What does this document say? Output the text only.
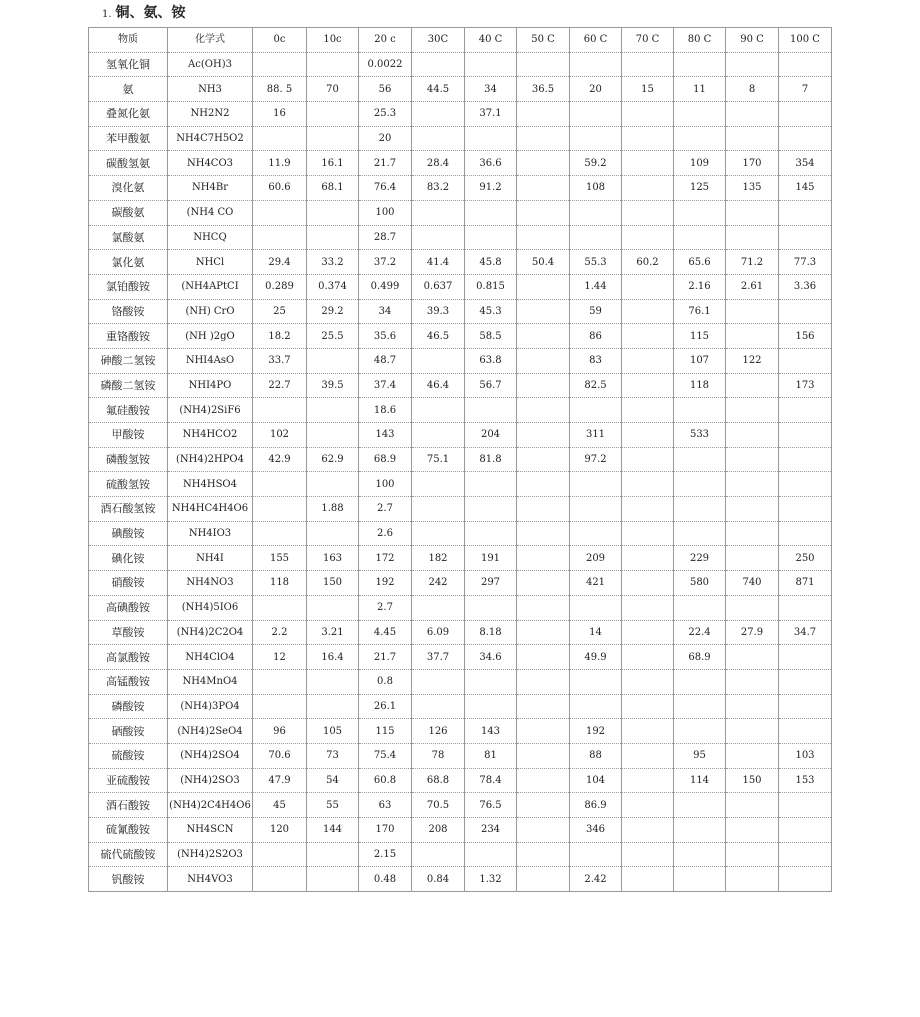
1. 铜、氨、铵
物质	化学式	0c	10c	20 c	30C	40 C	50 C	60 C	70 C	80 C	90 C	100 C
氢氧化铜	Ac(OH)3			0.0022								
氨	NH3	88. 5	70	56	44.5	34	36.5	20	15	11	8	7
叠氮化氨	NH2N2	16		25.3		37.1						
苯甲酸氨	NH4C7H5O2			20								
碳酸氢氨	NH4CO3	11.9	16.1	21.7	28.4	36.6		59.2		109	170	354
溴化氨	NH4Br	60.6	68.1	76.4	83.2	91.2		108		125	135	145
碳酸氨	(NH4 CO			100								
氯酸氨	NHCQ			28.7								
氯化氨	NHCl	29.4	33.2	37.2	41.4	45.8	50.4	55.3	60.2	65.6	71.2	77.3
氯铂酸铵	(NH4APtCI	0.289	0.374	0.499	0.637	0.815		1.44		2.16	2.61	3.36
铬酸铵	(NH) CrO	25	29.2	34	39.3	45.3		59		76.1		
重铬酸铵	(NH )2gO	18.2	25.5	35.6	46.5	58.5		86		115		156
砷酸二氢铵	NHI4AsO	33.7		48.7		63.8		83		107	122	
磷酸二氢铵	NHI4PO	22.7	39.5	37.4	46.4	56.7		82.5		118		173
氟硅酸铵	(NH4)2SiF6			18.6								
甲酸铵	NH4HCO2	102		143		204		311		533		
磷酸氢铵	(NH4)2HPO4	42.9	62.9	68.9	75.1	81.8		97.2				
硫酸氢铵	NH4HSO4			100								
酒石酸氢铵	NH4HC4H4O6		1.88	2.7								
碘酸铵	NH4IO3			2.6								
碘化铵	NH4I	155	163	172	182	191		209		229		250
硝酸铵	NH4NO3	118	150	192	242	297		421		580	740	871
高碘酸铵	(NH4)5IO6			2.7								
草酸铵	(NH4)2C2O4	2.2	3.21	4.45	6.09	8.18		14		22.4	27.9	34.7
高氯酸铵	NH4ClO4	12	16.4	21.7	37.7	34.6		49.9		68.9		
高锰酸铵	NH4MnO4			0.8								
磷酸铵	(NH4)3PO4			26.1								
硒酸铵	(NH4)2SeO4	96	105	115	126	143		192				
硫酸铵	(NH4)2SO4	70.6	73	75.4	78	81		88		95		103
亚硫酸铵	(NH4)2SO3	47.9	54	60.8	68.8	78.4		104		114	150	153
酒石酸铵	(NH4)2C4H4O6	45	55	63	70.5	76.5		86.9				
硫氰酸铵	NH4SCN	120	144	170	208	234		346				
硫代硫酸铵	(NH4)2S2O3			2.15								
钒酸铵	NH4VO3			0.48	0.84	1.32		2.42				
